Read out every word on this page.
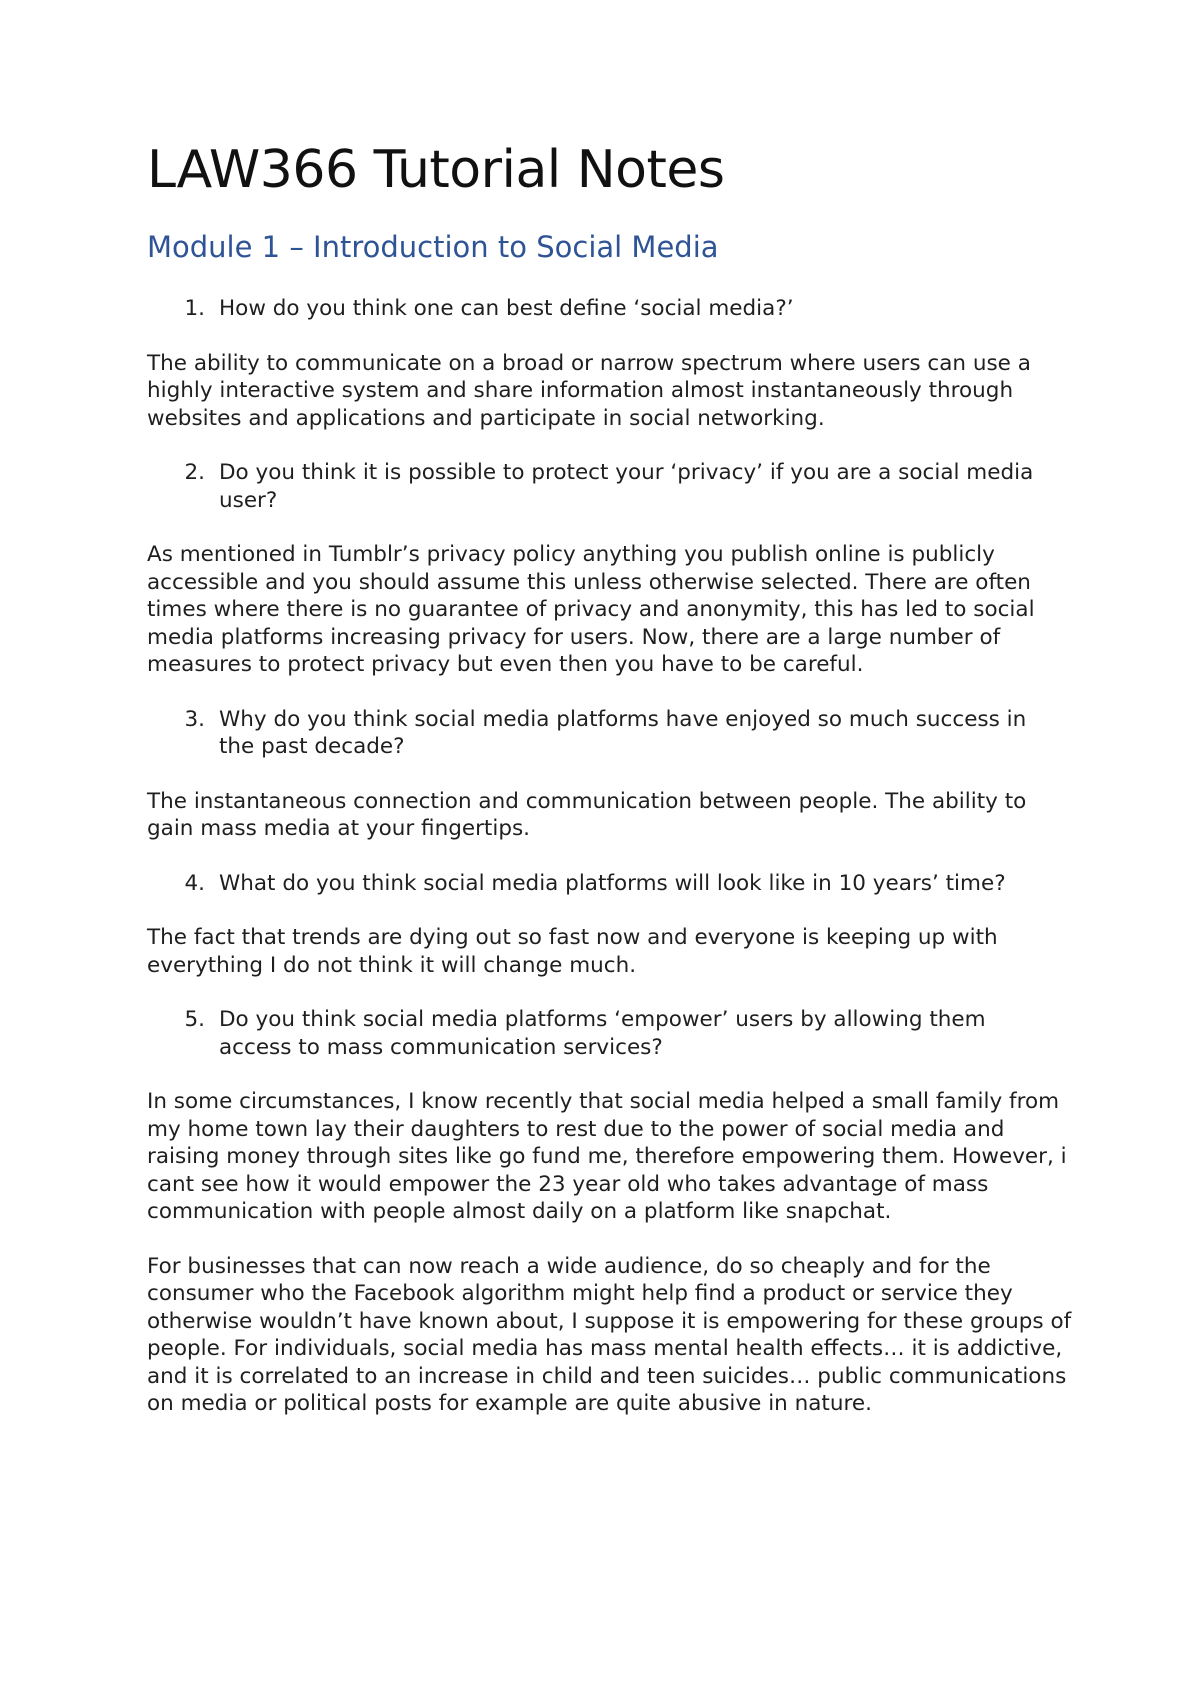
LAW366 Tutorial Notes
Module 1 – Introduction to Social Media
1. How do you think one can best define ‘social media?’

The ability to communicate on a broad or narrow spectrum where users can use a highly interactive system and share information almost instantaneously through websites and applications and participate in social networking.

2. Do you think it is possible to protect your ‘privacy’ if you are a social media user?

As mentioned in Tumblr’s privacy policy anything you publish online is publicly accessible and you should assume this unless otherwise selected. There are often times where there is no guarantee of privacy and anonymity, this has led to social media platforms increasing privacy for users. Now, there are a large number of measures to protect privacy but even then you have to be careful.

3. Why do you think social media platforms have enjoyed so much success in the past decade?

The instantaneous connection and communication between people. The ability to gain mass media at your fingertips.

4. What do you think social media platforms will look like in 10 years’ time?

The fact that trends are dying out so fast now and everyone is keeping up with everything I do not think it will change much.

5. Do you think social media platforms ‘empower’ users by allowing them access to mass communication services?

In some circumstances, I know recently that social media helped a small family from my home town lay their daughters to rest due to the power of social media and raising money through sites like go fund me, therefore empowering them. However, i cant see how it would empower the 23 year old who takes advantage of mass communication with people almost daily on a platform like snapchat.

For businesses that can now reach a wide audience, do so cheaply and for the consumer who the Facebook algorithm might help find a product or service they otherwise wouldn’t have known about, I suppose it is empowering for these groups of people. For individuals, social media has mass mental health effects… it is addictive, and it is correlated to an increase in child and teen suicides… public communications on media or political posts for example are quite abusive in nature.
